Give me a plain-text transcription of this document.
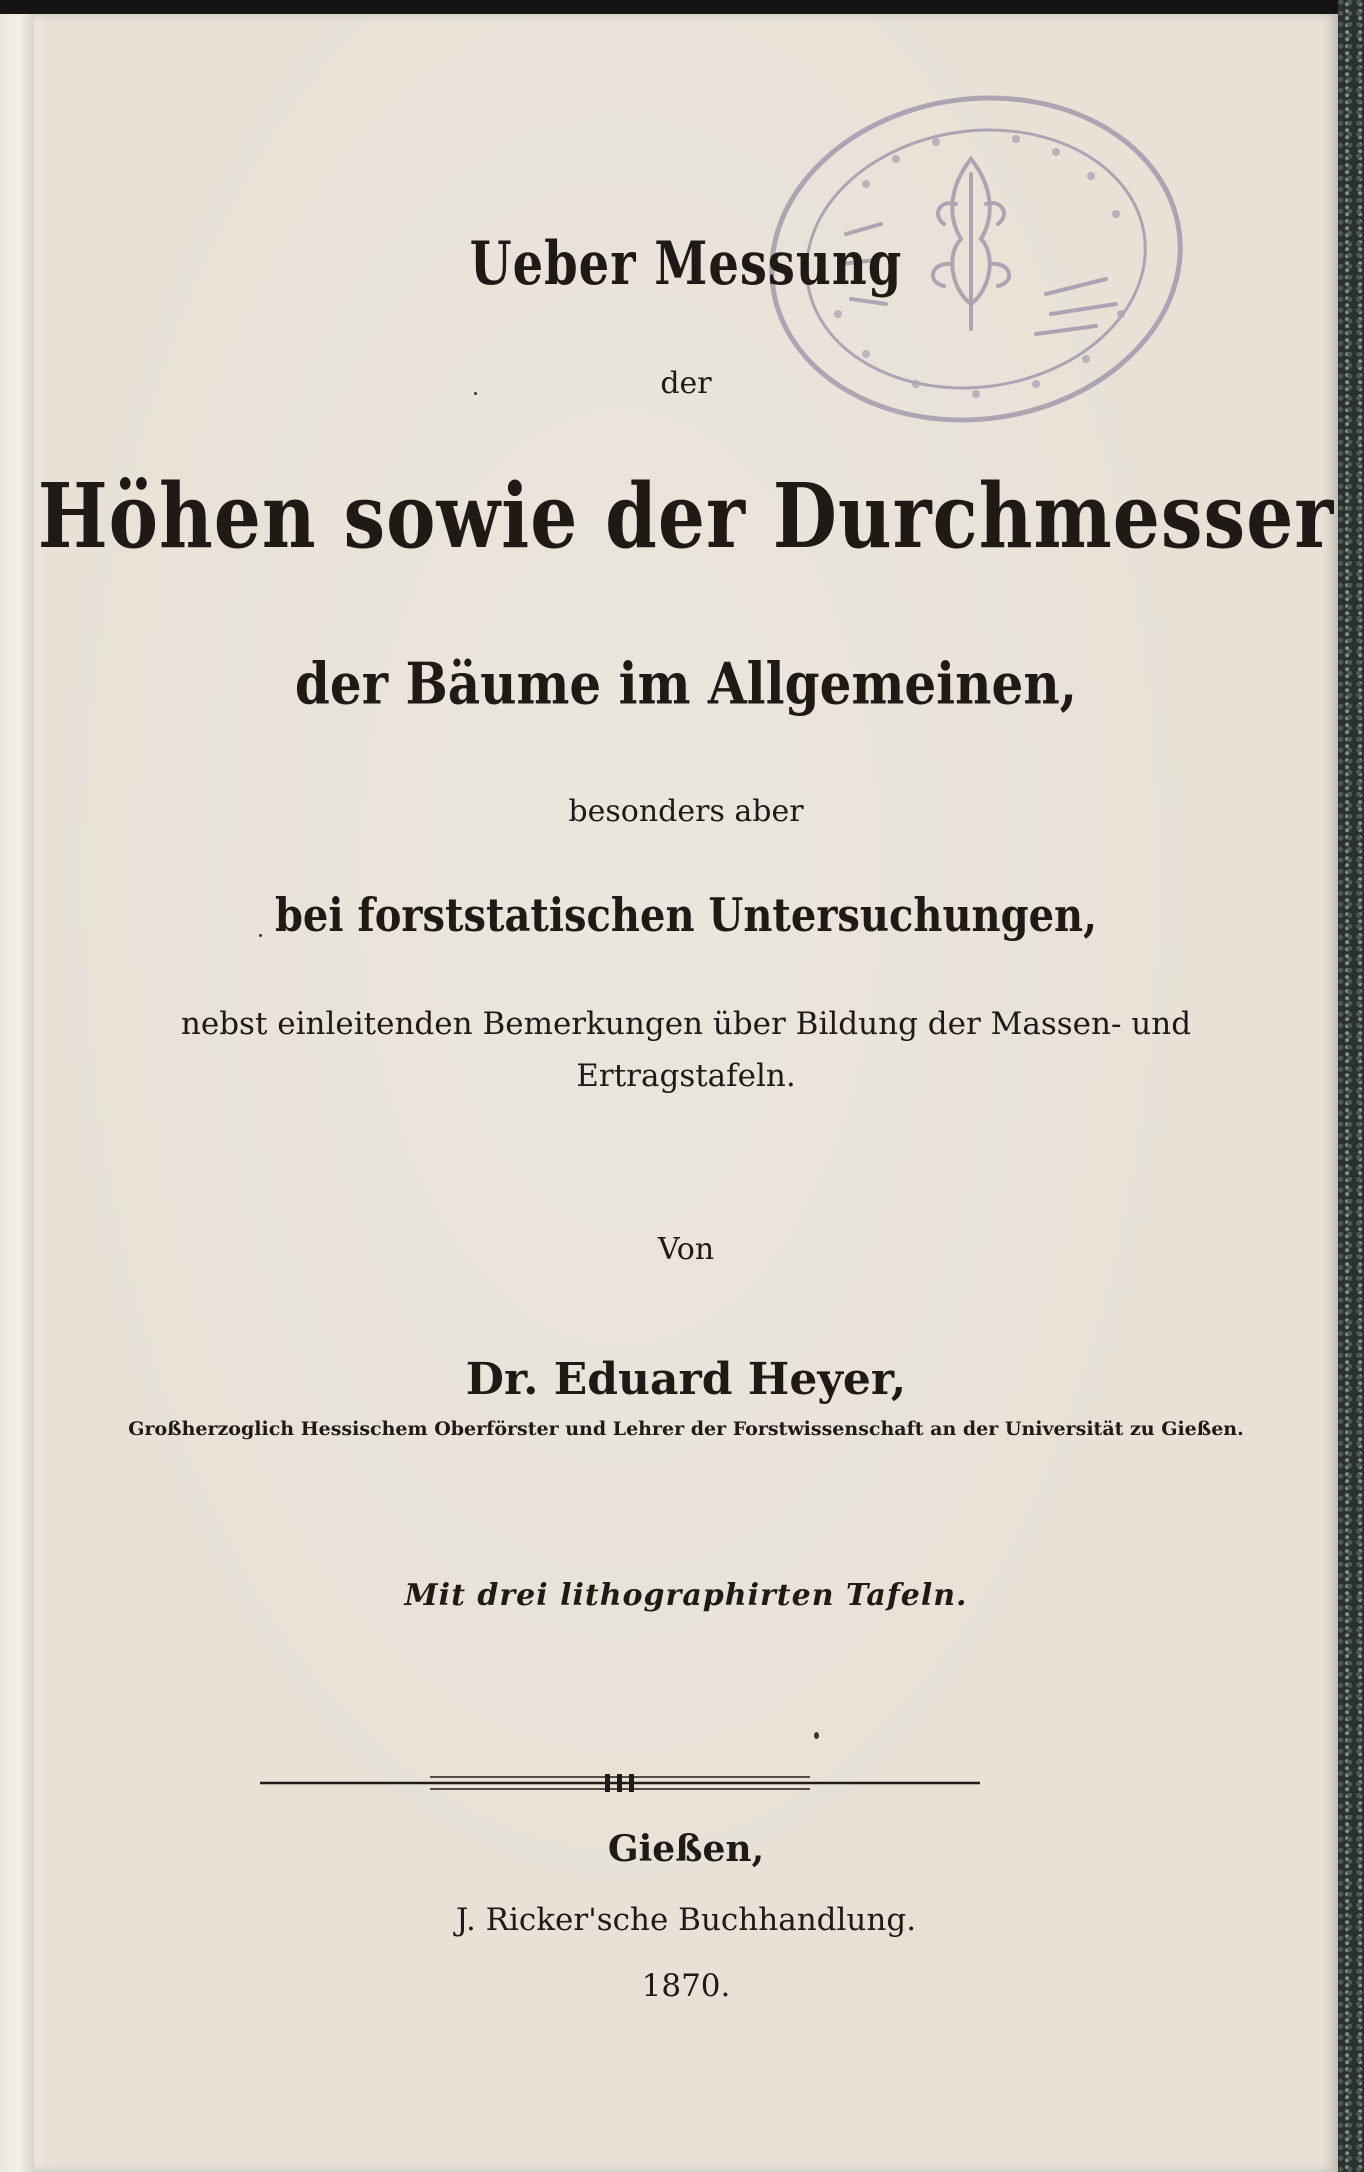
Ueber Messung
der
Höhen sowie der Durchmesser
der Bäume im Allgemeinen,
besonders aber
bei forststatischen Untersuchungen,
nebst einleitenden Bemerkungen über Bildung der Massen- und
Ertragstafeln.
Von
Dr. Eduard Heyer,
Großherzoglich Hessischem Oberförster und Lehrer der Forstwissenschaft an der Universität zu Gießen.
Mit drei lithographirten Tafeln.
Gießen,
J. Ricker'sche Buchhandlung.
1870.
